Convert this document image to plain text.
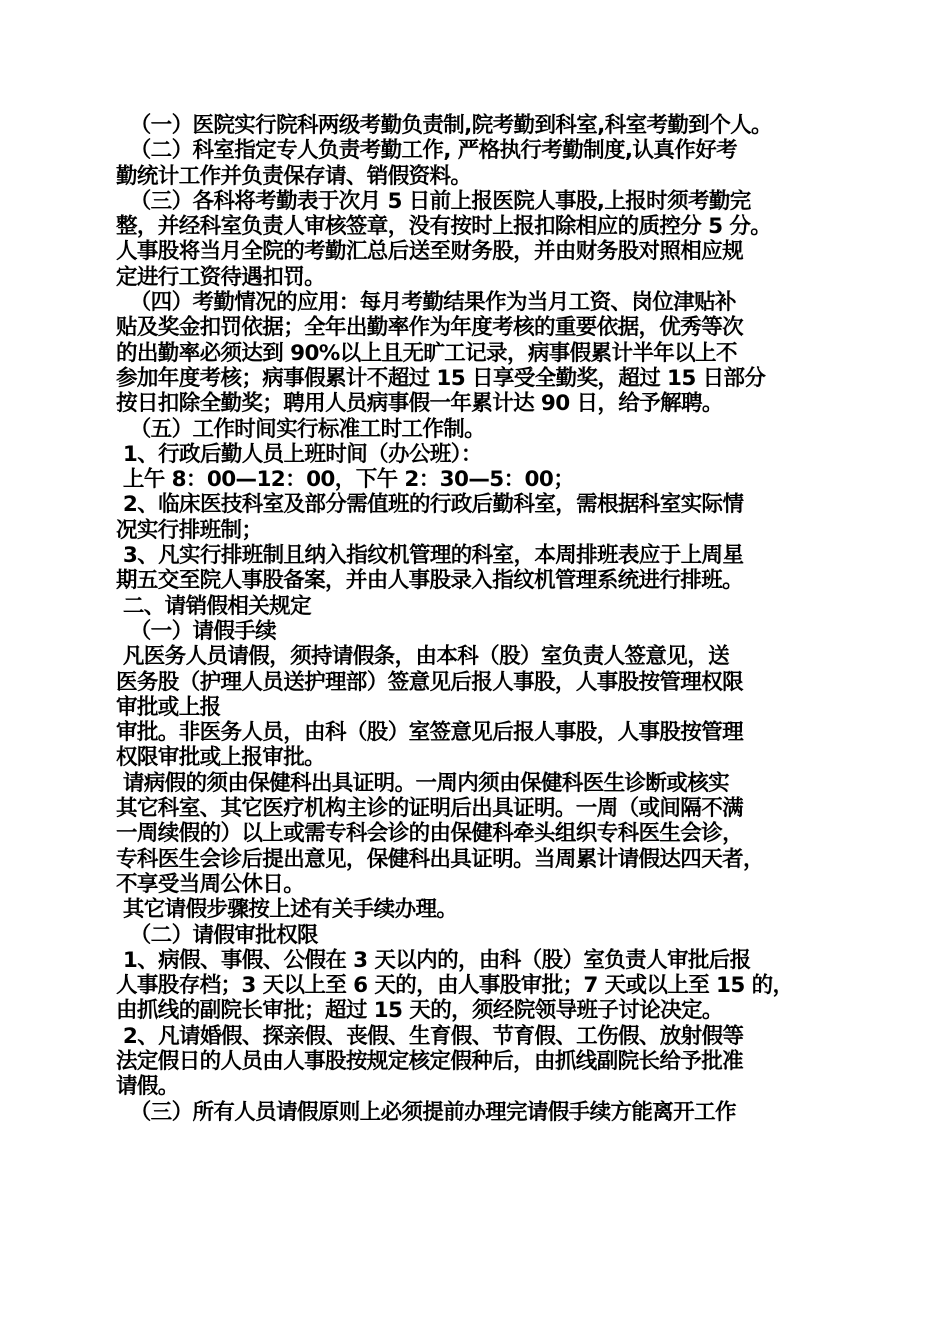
（一）医院实行院科两级考勤负责制,院考勤到科室,科室考勤到个人。
（二）科室指定专人负责考勤工作, 严格执行考勤制度,认真作好考
勤统计工作并负责保存请、销假资料。
（三）各科将考勤表于次月 5 日前上报医院人事股,上报时须考勤完
整，并经科室负责人审核签章，没有按时上报扣除相应的质控分 5 分。
人事股将当月全院的考勤汇总后送至财务股，并由财务股对照相应规
定进行工资待遇扣罚。
（四）考勤情况的应用：每月考勤结果作为当月工资、岗位津贴补
贴及奖金扣罚依据；全年出勤率作为年度考核的重要依据，优秀等次
的出勤率必须达到 90%以上且无旷工记录，病事假累计半年以上不
参加年度考核；病事假累计不超过 15 日享受全勤奖，超过 15 日部分
按日扣除全勤奖；聘用人员病事假一年累计达 90 日，给予解聘。
（五）工作时间实行标准工时工作制。
1、行政后勤人员上班时间（办公班）：
上午 8：00—12：00，下午 2：30—5：00；
2、临床医技科室及部分需值班的行政后勤科室，需根据科室实际情
况实行排班制；
3、凡实行排班制且纳入指纹机管理的科室，本周排班表应于上周星
期五交至院人事股备案，并由人事股录入指纹机管理系统进行排班。
二、请销假相关规定
（一）请假手续
凡医务人员请假，须持请假条，由本科（股）室负责人签意见，送
医务股（护理人员送护理部）签意见后报人事股，人事股按管理权限
审批或上报
审批。非医务人员，由科（股）室签意见后报人事股，人事股按管理
权限审批或上报审批。
请病假的须由保健科出具证明。一周内须由保健科医生诊断或核实
其它科室、其它医疗机构主诊的证明后出具证明。一周（或间隔不满
一周续假的）以上或需专科会诊的由保健科牵头组织专科医生会诊，
专科医生会诊后提出意见，保健科出具证明。当周累计请假达四天者，
不享受当周公休日。
其它请假步骤按上述有关手续办理。
（二）请假审批权限
1、病假、事假、公假在 3 天以内的，由科（股）室负责人审批后报
人事股存档；3 天以上至 6 天的，由人事股审批；7 天或以上至 15 的，
由抓线的副院长审批；超过 15 天的，须经院领导班子讨论决定。
2、凡请婚假、探亲假、丧假、生育假、节育假、工伤假、放射假等
法定假日的人员由人事股按规定核定假种后，由抓线副院长给予批准
请假。
（三）所有人员请假原则上必须提前办理完请假手续方能离开工作
